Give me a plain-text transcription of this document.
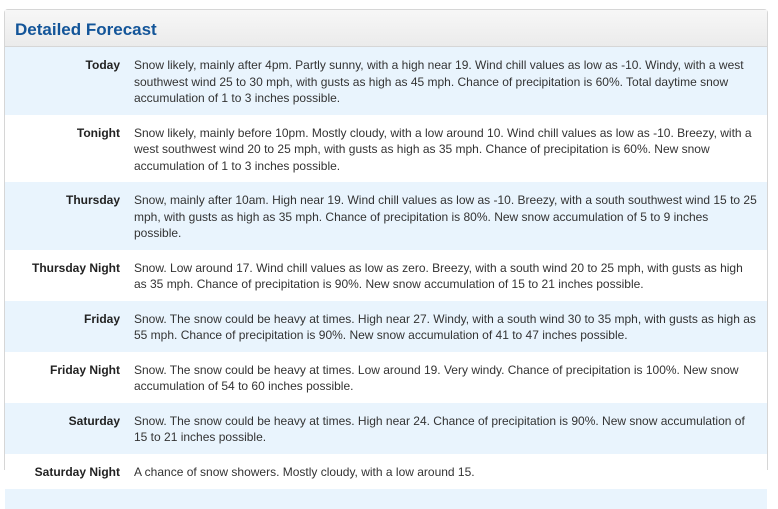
Detailed Forecast
Today	Snow likely, mainly after 4pm. Partly sunny, with a high near 19. Wind chill values as low as -10. Windy, with a west southwest wind 25 to 30 mph, with gusts as high as 45 mph. Chance of precipitation is 60%. Total daytime snow accumulation of 1 to 3 inches possible.
Tonight	Snow likely, mainly before 10pm. Mostly cloudy, with a low around 10. Wind chill values as low as -10. Breezy, with a west southwest wind 20 to 25 mph, with gusts as high as 35 mph. Chance of precipitation is 60%. New snow accumulation of 1 to 3 inches possible.
Thursday	Snow, mainly after 10am. High near 19. Wind chill values as low as -10. Breezy, with a south southwest wind 15 to 25 mph, with gusts as high as 35 mph. Chance of precipitation is 80%. New snow accumulation of 5 to 9 inches possible.
Thursday Night	Snow. Low around 17. Wind chill values as low as zero. Breezy, with a south wind 20 to 25 mph, with gusts as high as 35 mph. Chance of precipitation is 90%. New snow accumulation of 15 to 21 inches possible.
Friday	Snow. The snow could be heavy at times. High near 27. Windy, with a south wind 30 to 35 mph, with gusts as high as 55 mph. Chance of precipitation is 90%. New snow accumulation of 41 to 47 inches possible.
Friday Night	Snow. The snow could be heavy at times. Low around 19. Very windy. Chance of precipitation is 100%. New snow accumulation of 54 to 60 inches possible.
Saturday	Snow. The snow could be heavy at times. High near 24. Chance of precipitation is 90%. New snow accumulation of 15 to 21 inches possible.
Saturday Night	A chance of snow showers. Mostly cloudy, with a low around 15.
